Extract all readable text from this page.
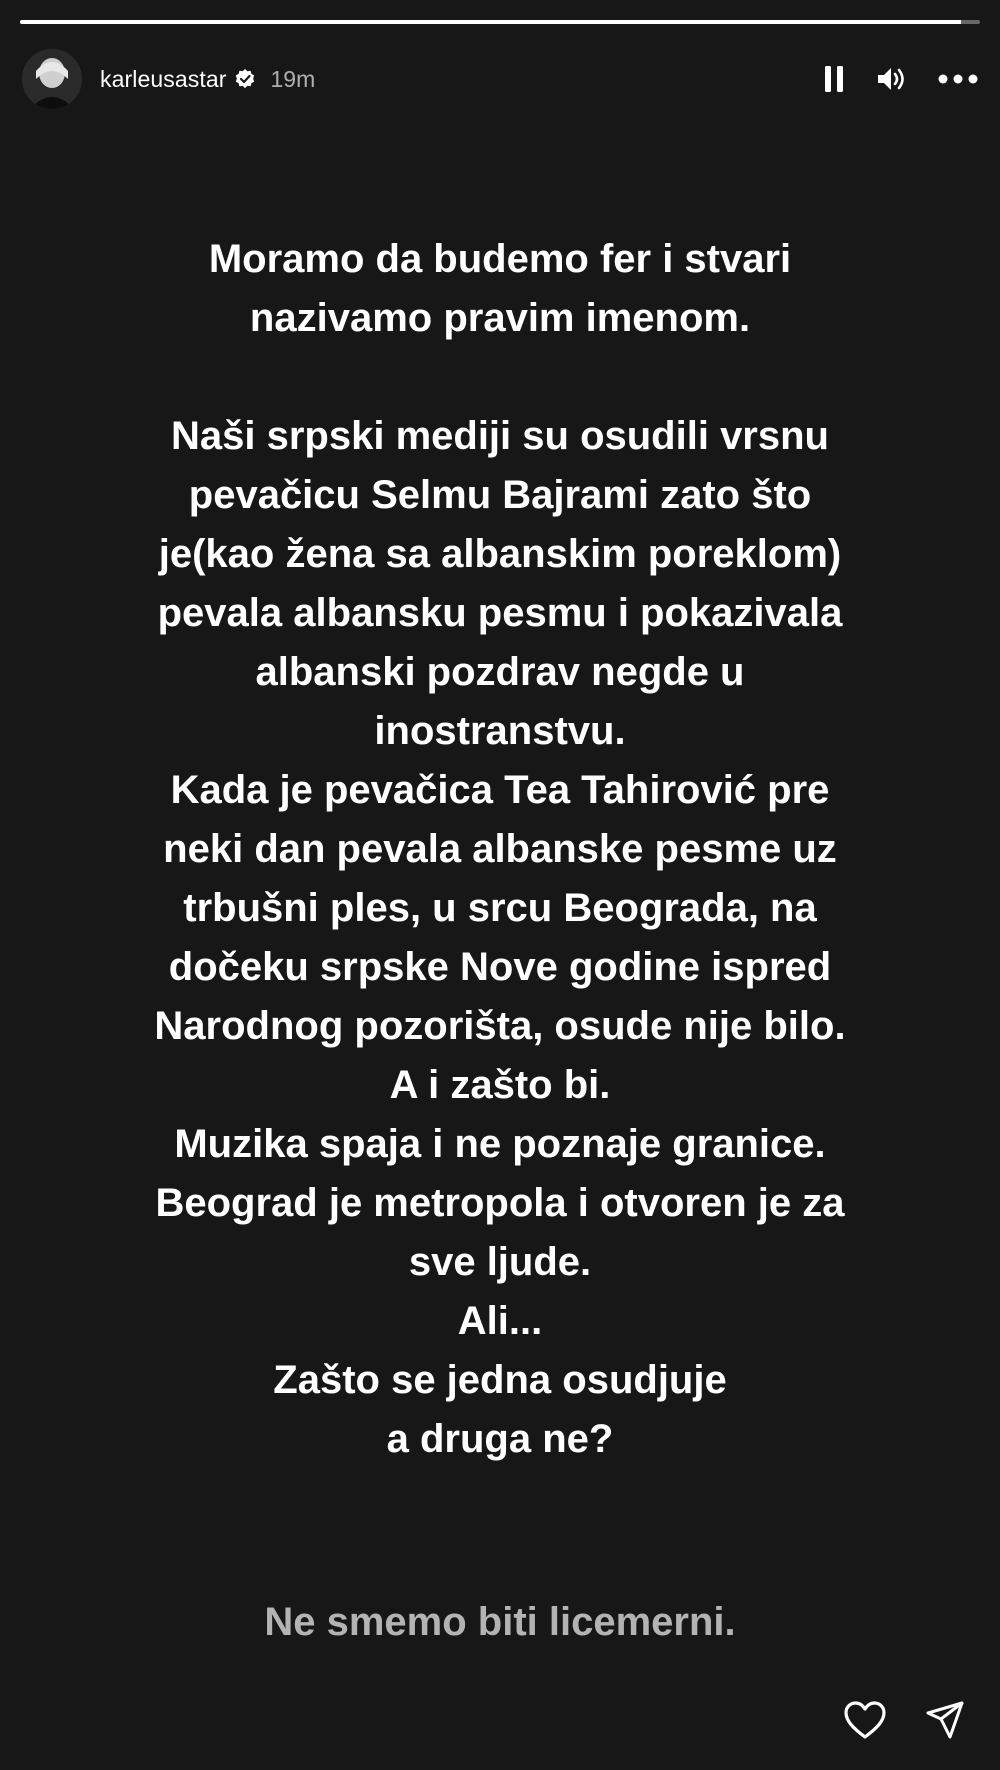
karleusastar 19m

Moramo da budemo fer i stvari

nazivamo pravim imenom.

Naši srpski mediji su osudili vrsnu

pevačicu Selmu Bajrami zato što

je(kao žena sa albanskim poreklom)

pevala albansku pesmu i pokazivala

albanski pozdrav negde u

inostranstvu.

Kada je pevačica Tea Tahirović pre

neki dan pevala albanske pesme uz

trbušni ples, u srcu Beograda, na

dočeku srpske Nove godine ispred

Narodnog pozorišta, osude nije bilo.

A i zašto bi.

Muzika spaja i ne poznaje granice.

Beograd je metropola i otvoren je za

sve ljude.

Ali...

Zašto se jedna osudjuje

a druga ne?

Ne smemo biti licemerni.
